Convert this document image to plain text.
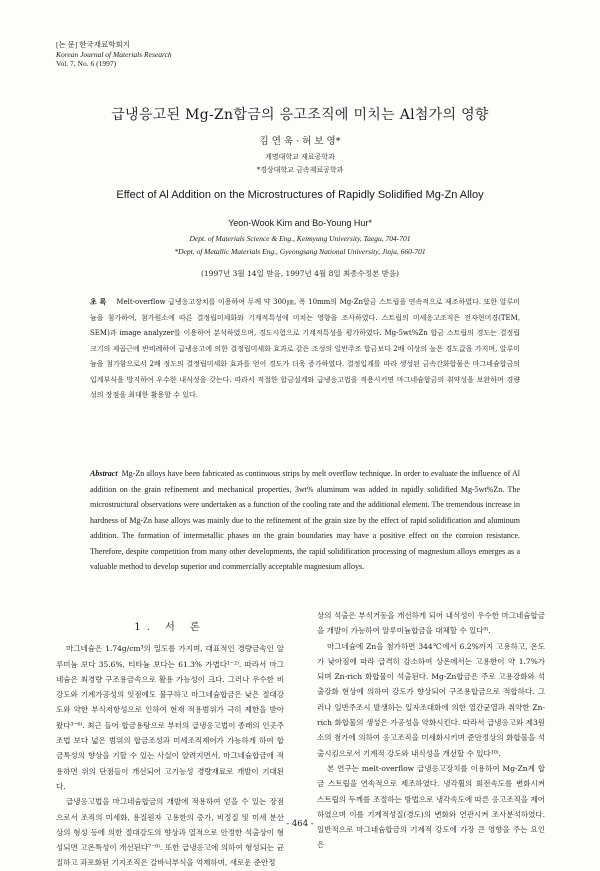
[논 문] 한국재료학회지
Korean Journal of Materials Research
Vol. 7, No. 6 (1997)
급냉응고된 Mg-Zn합금의 응고조직에 미치는 Al첨가의 영향
김 연 욱 · 허 보 영*
계명대학교 재료공학과
*경상대학교 금속재료공학과
Effect of Al Addition on the Microstructures of Rapidly Solidified Mg-Zn Alloy
Yeon-Wook Kim and Bo-Young Hur*
Dept. of Materials Science & Eng., Keimyung University, Taegu, 704-701
*Dept. of Metallic Materials Eng., Gyeongsang National University, Jinju, 660-701
(1997년 3월 14일 받음, 1997년 4월 8일 최종수정본 받음)
초 록 Melt-overflow 급냉응고장치를 이용하여 두께 약 300㎛, 폭 10mm의 Mg-Zn합금 스트립을 연속적으로 제조하였다. 또한 알루미늄을 첨가하여, 첨가원소에 따른 결정립미세화와 기계적특성에 미치는 영향을 조사하였다. 스트립의 미세응고조직은 전자현미경(TEM, SEM)과 image analyzer를 이용하여 분석하였으며, 경도시험으로 기계적특성을 평가하였다. Mg-5wt%Zn 합금 스트립의 경도는 결정립크기의 제곱근에 반비례하여 급냉응고에 의한 결정립미세화 효과로 같은 조성의 일반주조 합금보다 2배 이상의 높은 경도값을 가지며, 알루미늄을 첨가함으로서 2배 정도의 결정립미세화 효과를 얻어 경도가 더욱 증가하였다. 결정입계를 따라 생성된 금속간화합물은 마그네슘합금의 입계부식을 방지하여 우수한 내식성을 갖는다. 따라서 적절한 합금설계와 급냉응고법을 적용시키면 마그네슘합금의 취약성을 보완하며 경량성의 장점을 최대한 활용할 수 있다.
Abstract Mg-Zn alloys have been fabricated as continuous strips by melt overflow technique. In order to evaluate the influence of Al addition on the grain refinement and mechanical properties, 3wt% aluminum was added in rapidly solidified Mg-5wt%Zn. The microstructural observations were undertaken as a function of the cooling rate and the additional element. The tremendous increase in hardness of Mg-Zn base alloys was mainly due to the refinement of the grain size by the effect of rapid solidification and aluminum addition. The formation of intermetallic phases on the grain boundaries may have a positive effect on the corroion resistance. Therefore, despite competition from many other developments, the rapid solidification processing of magnesium alloys emerges as a valuable method to develop superior and commercially acceptable magnesium alloys.
1. 서 론

마그네슘은 1.74g/cm³의 밀도를 가지며, 대표적인 경량금속인 알루미늄 보다 35.6%, 티타늄 보다는 61.3% 가볍다¹⁻²⁾. 따라서 마그네슘은 최경량 구조용금속으로 활용 가능성이 크다. 그러나 우수한 비강도와 기계가공성의 잇점에도 불구하고 마그네슘합금은 낮은 절대강도와 약한 부식저항성으로 인하여 현재 적용범위가 극히 제한을 받아왔다³⁻⁶⁾. 최근 들어 합금용탕으로 부터의 급냉응고법이 종래의 인곳주조법 보다 넓은 범위의 합금조성과 미세조직제어가 가능하게 하여 합금특성의 향상을 기할 수 있는 사실이 알려지면서, 마그네슘합금에 적용하면 위의 단점들이 개선되어 고기능성 경량재료로 개발이 기대된다.

급냉응고법을 마그네슘합금의 개발에 적용하여 얻을 수 있는 장점으로서 조직의 미세화, 용질원자 고용한의 증가, 비정질 및 미세 분산상의 형성 등에 의한 절대강도의 향상과 열적으로 안정한 석출상이 형성되면 고온특성이 개선된다⁷⁻⁸⁾. 또한 급냉응고에 의하여 형성되는 균질하고 과포화된 기지조직은 갈바닉부식을 억제하며, 새로운 준안정

상의 석출은 부식거동을 개선하게 되어 내식성이 우수한 마그네슘합금을 개발이 가능하여 알루미늄합금을 대체할 수 있다⁹⁾.

마그네슘에 Zn을 첨가하면 344℃에서 6.2%까지 고용하고, 온도가 낮아짐에 따라 급격히 감소하여 상온에서는 고용한이 약 1.7%가 되며 Zn-rich 화합물이 석출된다. Mg-Zn합금은 주로 고용강화와 석출강화 현상에 의하여 강도가 향상되어 구조용합금으로 적합하다. 그러나 일반주조시 발생하는 입자조대화에 의한 열간균열과 취약한 Zn-rich 화합물의 생성은 가공성을 악화시킨다. 따라서 급냉응고와 제3원소의 첨가에 의하여 응고조직을 미세화시키며 준안정상의 화합물을 석출시킴으로서 기계적 강도와 내식성을 개선할 수 있다¹⁰⁾.

본 연구는 melt-overflow 급냉응고장치를 이용하여 Mg-Zn계 합금 스트립을 연속적으로 제조하였다. 냉각휠의 회전속도를 변화시켜 스트립의 두께를 조절하는 방법으로 냉각속도에 따른 응고조직을 제어하였으며 이를 기계적성질(경도)의 변화와 연관시켜 조사분석하였다. 일반적으로 마그네슘합금의 기계적 강도에 가장 큰 영향을 주는 요인은

- 464 -
